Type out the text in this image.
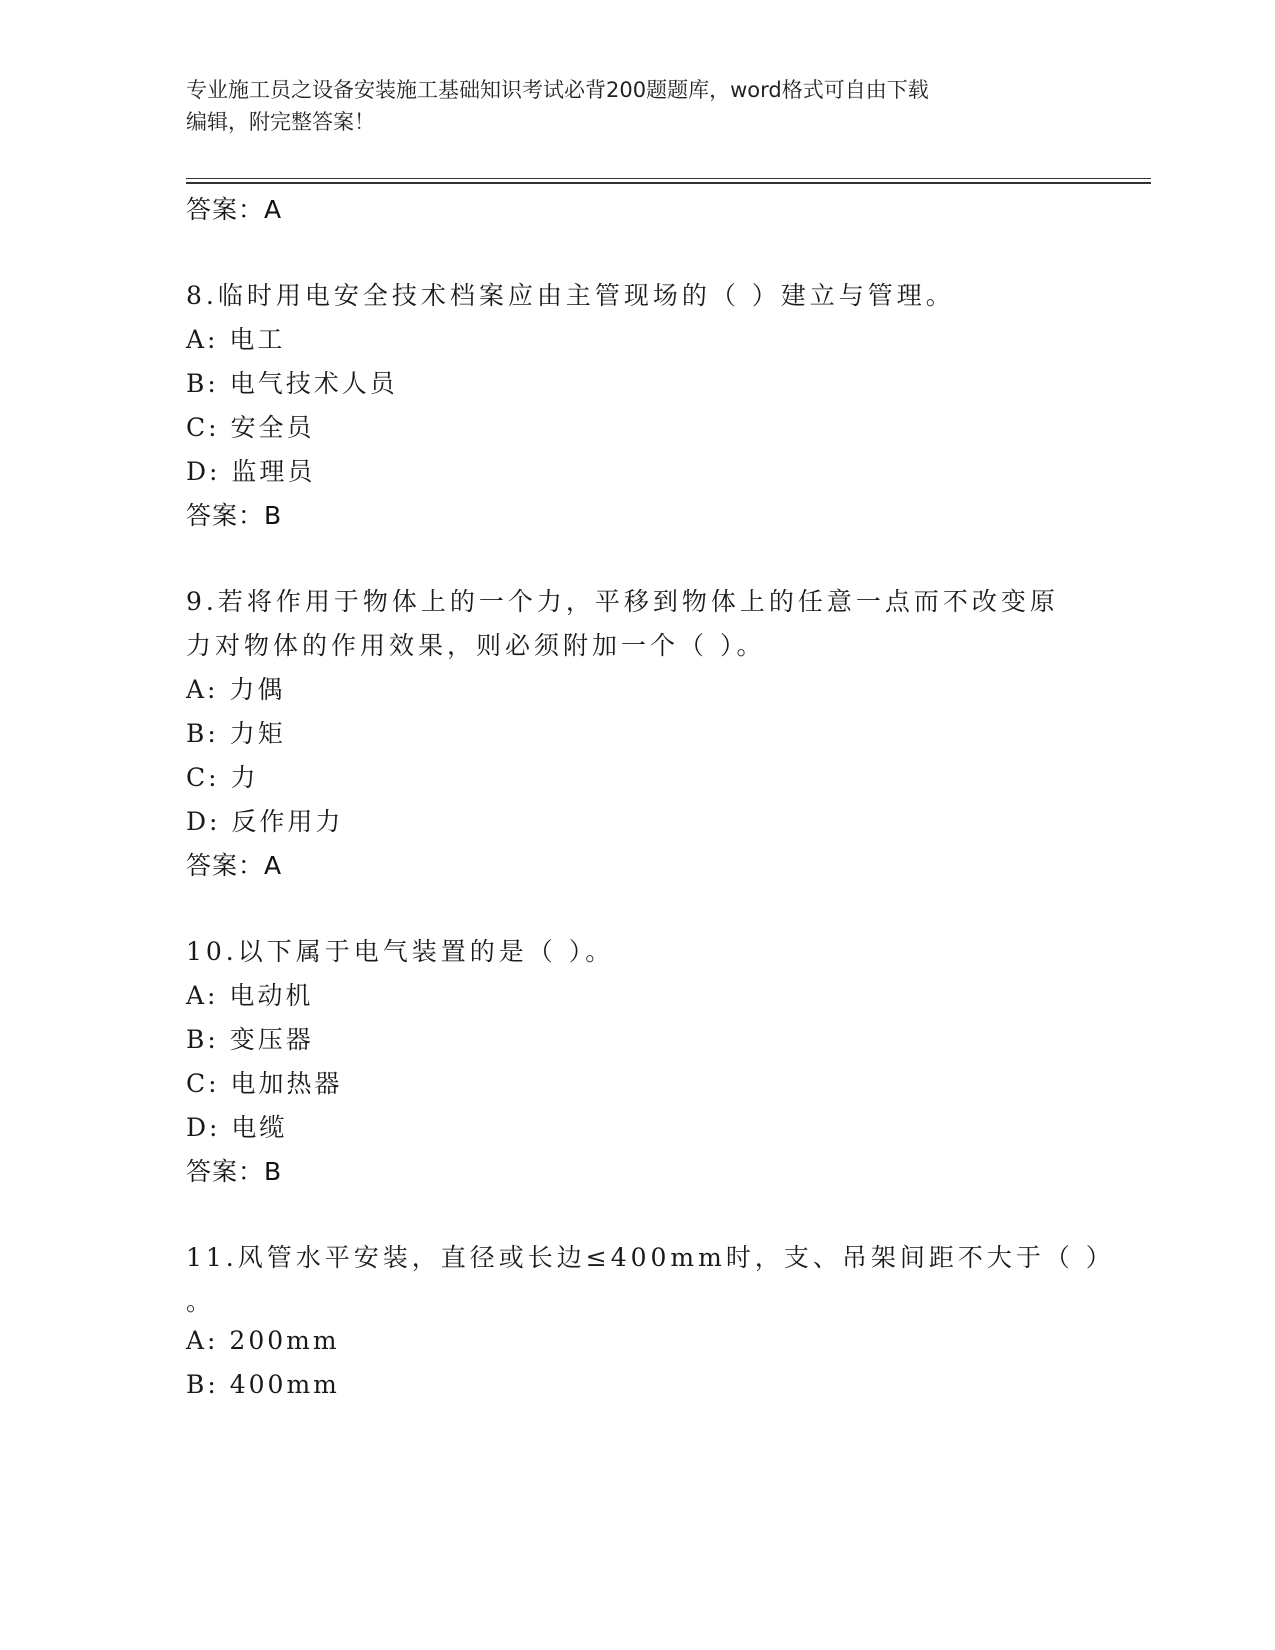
专业施工员之设备安装施工基础知识考试必背200题题库，word格式可自由下载
编辑，附完整答案！
答案：A
8.临时用电安全技术档案应由主管现场的（ ）建立与管理。
A: 电工
B: 电气技术人员
C: 安全员
D: 监理员
答案：B
9.若将作用于物体上的一个力，平移到物体上的任意一点而不改变原
力对物体的作用效果，则必须附加一个（ ）。
A: 力偶
B: 力矩
C: 力
D: 反作用力
答案：A
10.以下属于电气装置的是（ ）。
A: 电动机
B: 变压器
C: 电加热器
D: 电缆
答案：B
11.风管水平安装，直径或长边≤400mm时，支、吊架间距不大于（ ）
。
A: 200mm
B: 400mm
